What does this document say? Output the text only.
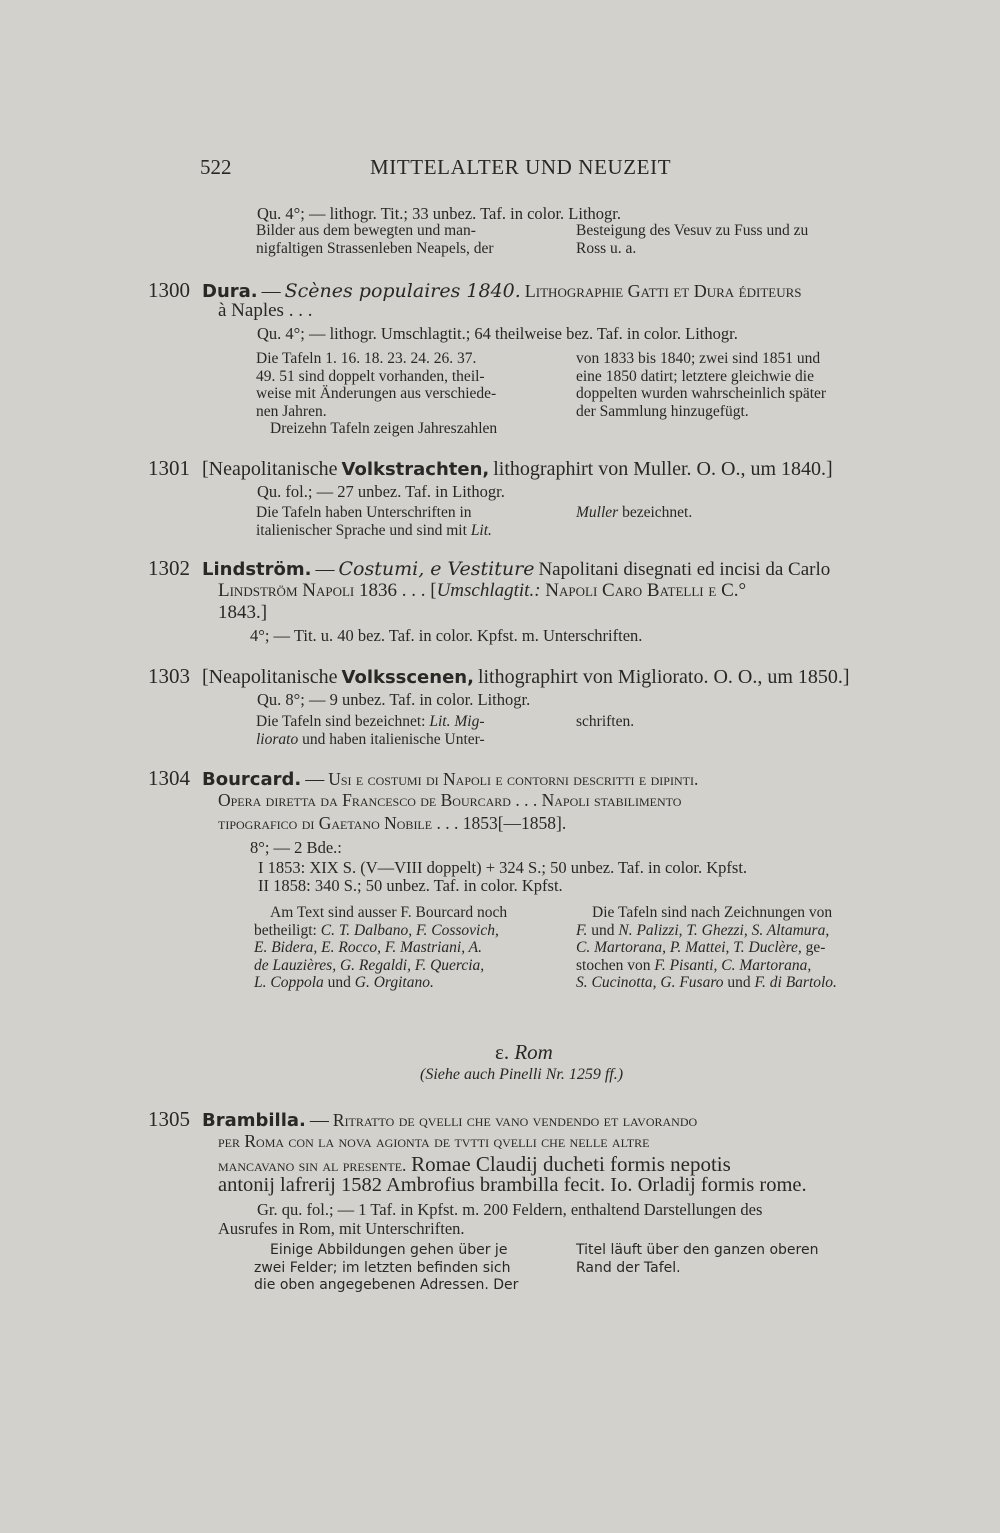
522	MITTELALTER UND NEUZEIT
Qu. 4°; — lithogr. Tit.; 33 unbez. Taf. in color. Lithogr.
Bilder aus dem bewegten und man-
nigfaltigen Strassenleben Neapels, der
Besteigung des Vesuv zu Fuss und zu
Ross u. a.
1300 Dura. — Scènes populaires 1840. Lithographie Gatti et Dura éditeurs
à Naples . . .
Qu. 4°; — lithogr. Umschlagtit.; 64 theilweise bez. Taf. in color. Lithogr.
Die Tafeln 1. 16. 18. 23. 24. 26. 37.
49. 51 sind doppelt vorhanden, theil-
weise mit Änderungen aus verschiede-
nen Jahren.
Dreizehn Tafeln zeigen Jahreszahlen
von 1833 bis 1840; zwei sind 1851 und
eine 1850 datirt; letztere gleichwie die
doppelten wurden wahrscheinlich später
der Sammlung hinzugefügt.
1301 [Neapolitanische Volkstrachten, lithographirt von Muller. O. O., um 1840.]
Qu. fol.; — 27 unbez. Taf. in Lithogr.
Die Tafeln haben Unterschriften in
italienischer Sprache und sind mit Lit.
Muller bezeichnet.
1302 Lindström. — Costumi, e Vestiture Napolitani disegnati ed incisi da Carlo
Lindström Napoli 1836 . . . [Umschlagtit.: Napoli Caro Batelli e C.°
1843.]
4°; — Tit. u. 40 bez. Taf. in color. Kpfst. m. Unterschriften.
1303 [Neapolitanische Volksscenen, lithographirt von Migliorato. O. O., um 1850.]
Qu. 8°; — 9 unbez. Taf. in color. Lithogr.
Die Tafeln sind bezeichnet: Lit. Mig-
liorato und haben italienische Unter-
schriften.
1304 Bourcard. — Usi e costumi di Napoli e contorni descritti e dipinti.
Opera diretta da Francesco de Bourcard . . . Napoli stabilimento
tipografico di Gaetano Nobile . . . 1853[—1858].
8°; — 2 Bde.:
I 1853: XIX S. (V—VIII doppelt) + 324 S.; 50 unbez. Taf. in color. Kpfst.
II 1858: 340 S.; 50 unbez. Taf. in color. Kpfst.
Am Text sind ausser F. Bourcard noch
betheiligt: C. T. Dalbano, F. Cossovich,
E. Bidera, E. Rocco, F. Mastriani, A.
de Lauzières, G. Regaldi, F. Quercia,
L. Coppola und G. Orgitano.
Die Tafeln sind nach Zeichnungen von
F. und N. Palizzi, T. Ghezzi, S. Altamura,
C. Martorana, P. Mattei, T. Duclère, ge-
stochen von F. Pisanti, C. Martorana,
S. Cucinotta, G. Fusaro und F. di Bartolo.
ε. Rom
(Siehe auch Pinelli Nr. 1259 ff.)
1305 Brambilla. — Ritratto de qvelli che vano vendendo et lavorando
per Roma con la nova agionta de tvtti qvelli che nelle altre
mancavano sin al presente. Romae Claudij ducheti formis nepotis
antonij lafrerij 1582 Ambrofius brambilla fecit. Io. Orladij formis rome.
Gr. qu. fol.; — 1 Taf. in Kpfst. m. 200 Feldern, enthaltend Darstellungen des
Ausrufes in Rom, mit Unterschriften.
Einige Abbildungen gehen über je
zwei Felder; im letzten befinden sich
die oben angegebenen Adressen. Der
Titel läuft über den ganzen oberen
Rand der Tafel.
